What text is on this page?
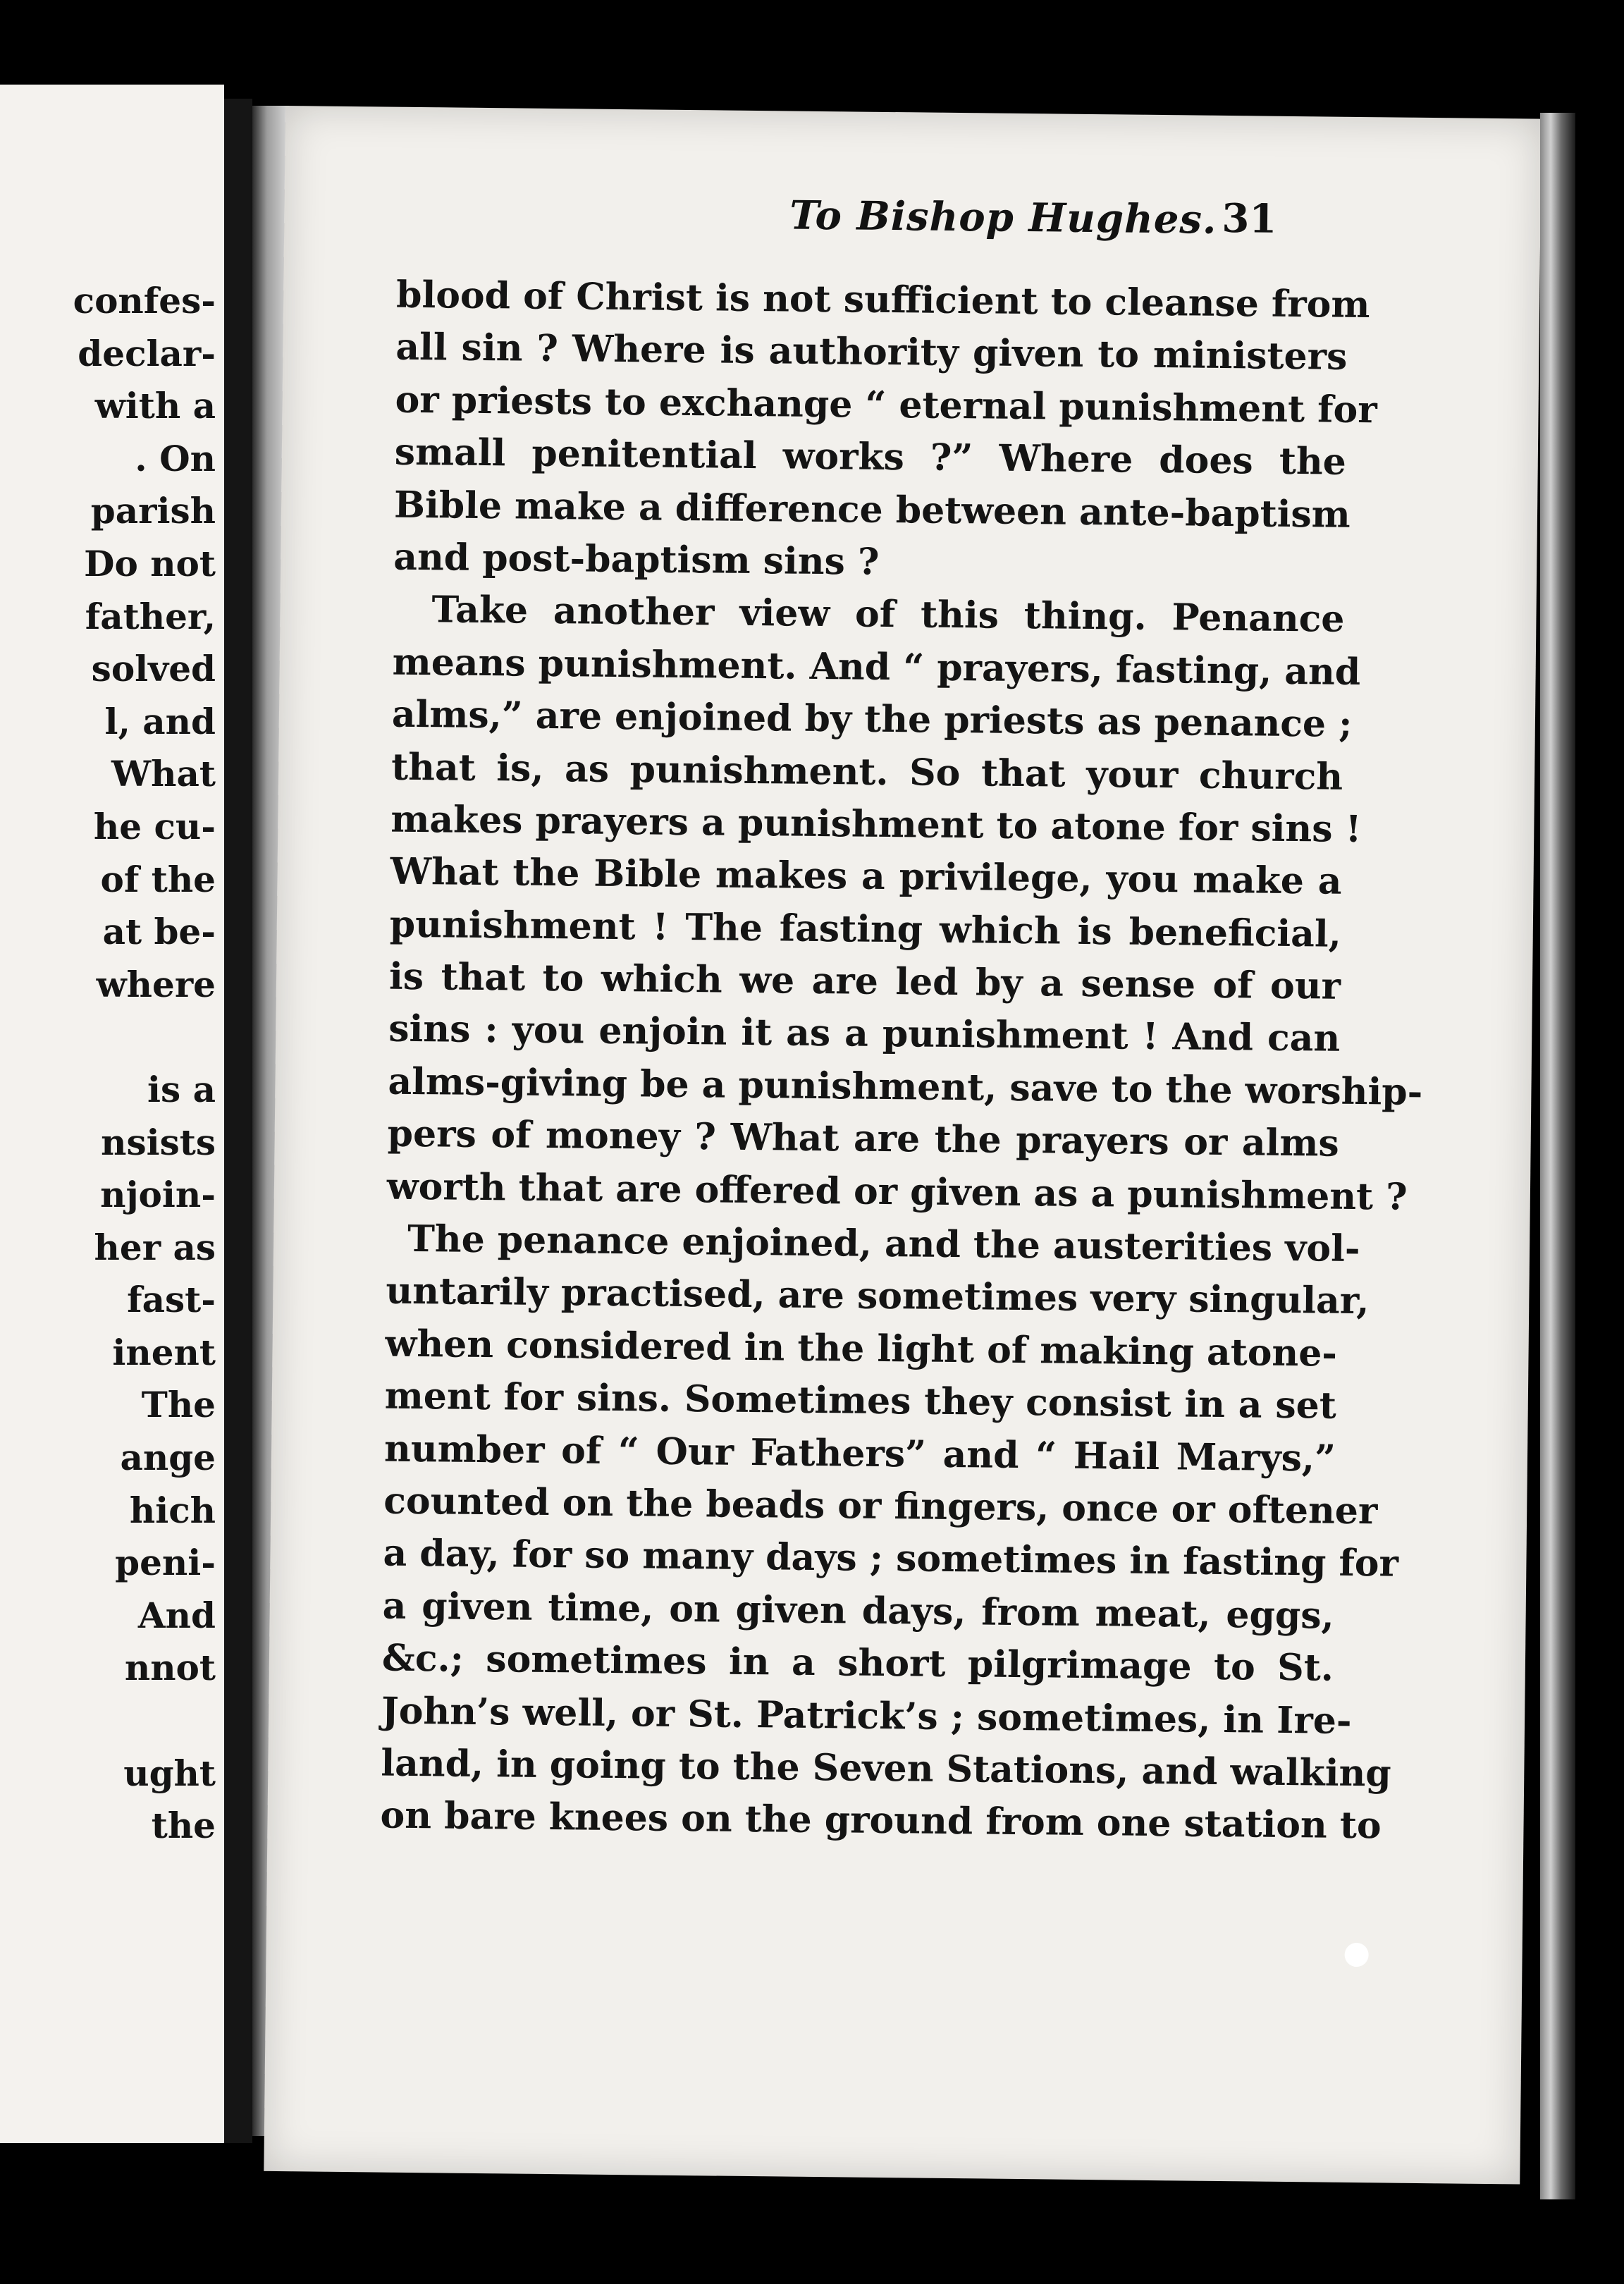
confes-
declar-
with a
. On
parish
Do not
father,
solved
l, and
What
he cu-
of the
at be-
where
is a
nsists
njoin-
her as
fast-
inent
The
ange
hich
peni-
And
nnot
ught
the
To Bishop Hughes. 31
blood of Christ is not sufficient to cleanse from
all sin ? Where is authority given to ministers
or priests to exchange “ eternal punishment for
small penitential works ?” Where does the
Bible make a difference between ante-baptism
and post-baptism sins ?
Take another view of this thing. Penance
means punishment. And “ prayers, fasting, and
alms,” are enjoined by the priests as penance ;
that is, as punishment. So that your church
makes prayers a punishment to atone for sins !
What the Bible makes a privilege, you make a
punishment ! The fasting which is beneficial,
is that to which we are led by a sense of our
sins : you enjoin it as a punishment ! And can
alms-giving be a punishment, save to the worship-
pers of money ? What are the prayers or alms
worth that are offered or given as a punishment ?
The penance enjoined, and the austerities vol-
untarily practised, are sometimes very singular,
when considered in the light of making atone-
ment for sins. Sometimes they consist in a set
number of “ Our Fathers” and “ Hail Marys,”
counted on the beads or fingers, once or oftener
a day, for so many days ; sometimes in fasting for
a given time, on given days, from meat, eggs,
&c.; sometimes in a short pilgrimage to St.
John’s well, or St. Patrick’s ; sometimes, in Ire-
land, in going to the Seven Stations, and walking
on bare knees on the ground from one station to
